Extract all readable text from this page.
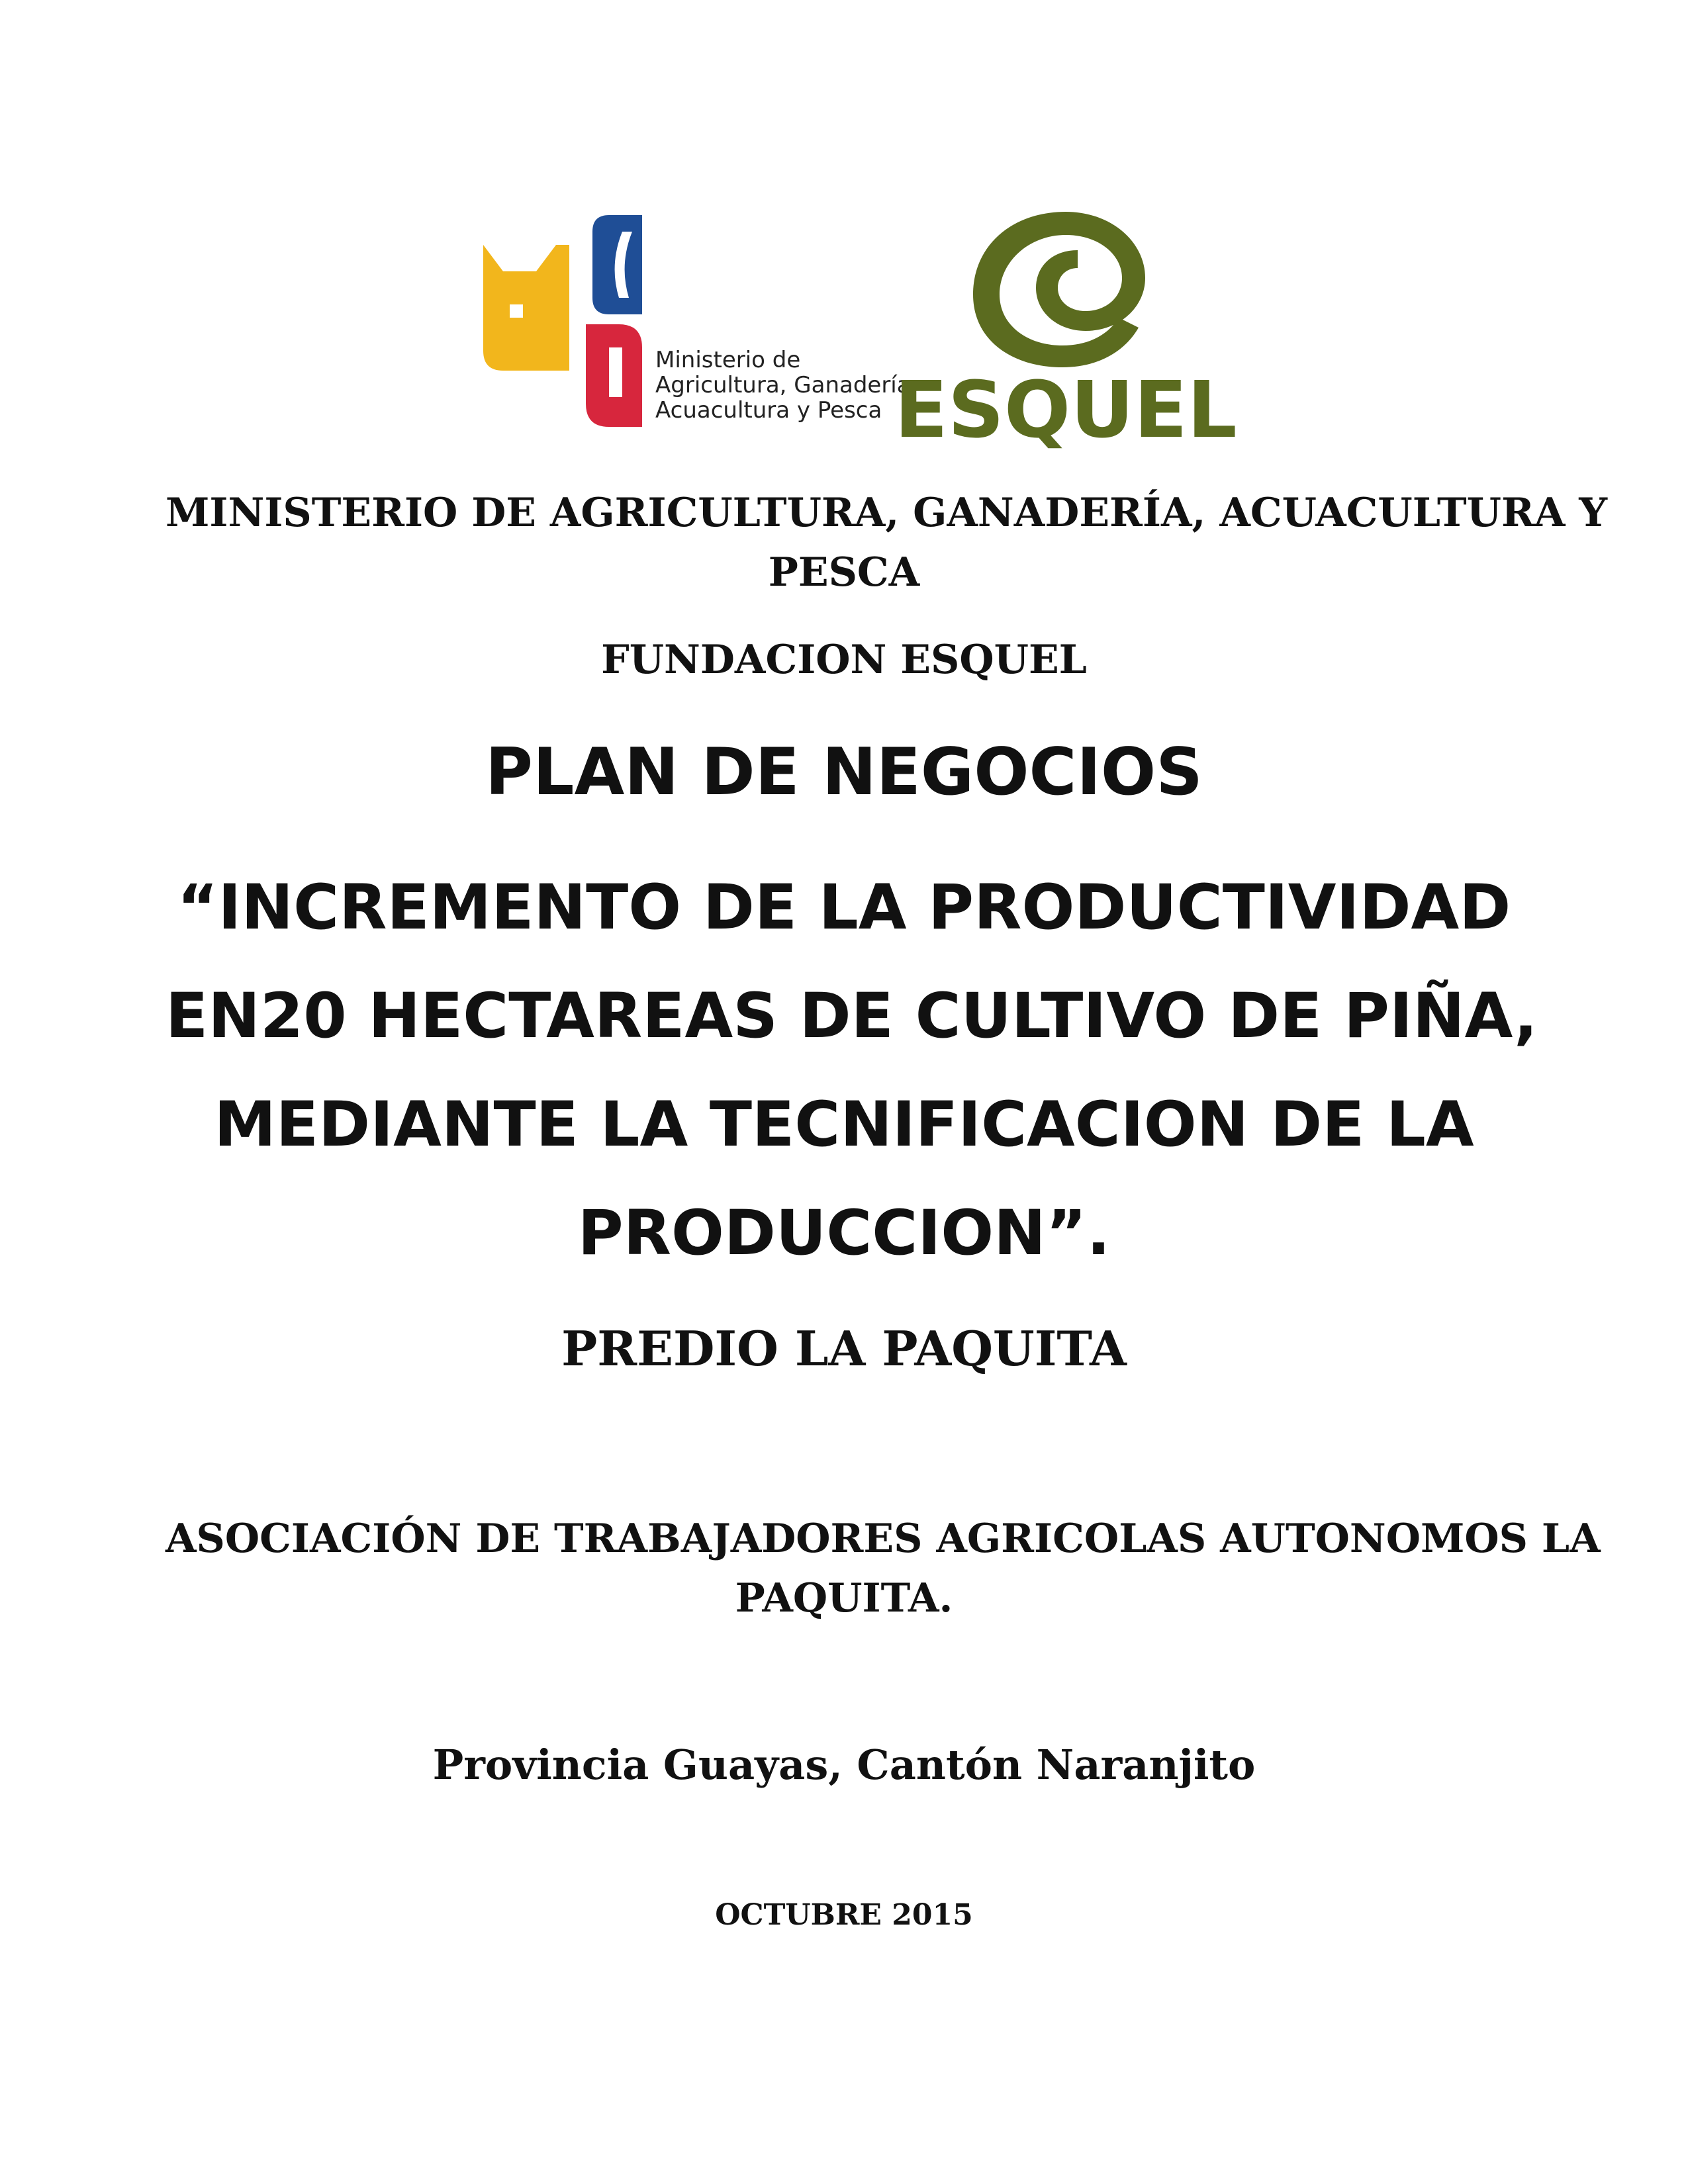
Ministerio de
Agricultura, Ganadería,
Acuacultura y Pesca ESQUEL
MINISTERIO DE AGRICULTURA, GANADERÍA, ACUACULTURA Y
PESCA
FUNDACION ESQUEL
PLAN DE NEGOCIOS
“INCREMENTO DE LA PRODUCTIVIDAD
EN20 HECTAREAS DE CULTIVO DE PIÑA,
MEDIANTE LA TECNIFICACION DE LA
PRODUCCION”.
PREDIO LA PAQUITA
ASOCIACIÓN DE TRABAJADORES AGRICOLAS AUTONOMOS LA
PAQUITA.
Provincia Guayas, Cantón Naranjito
OCTUBRE 2015
